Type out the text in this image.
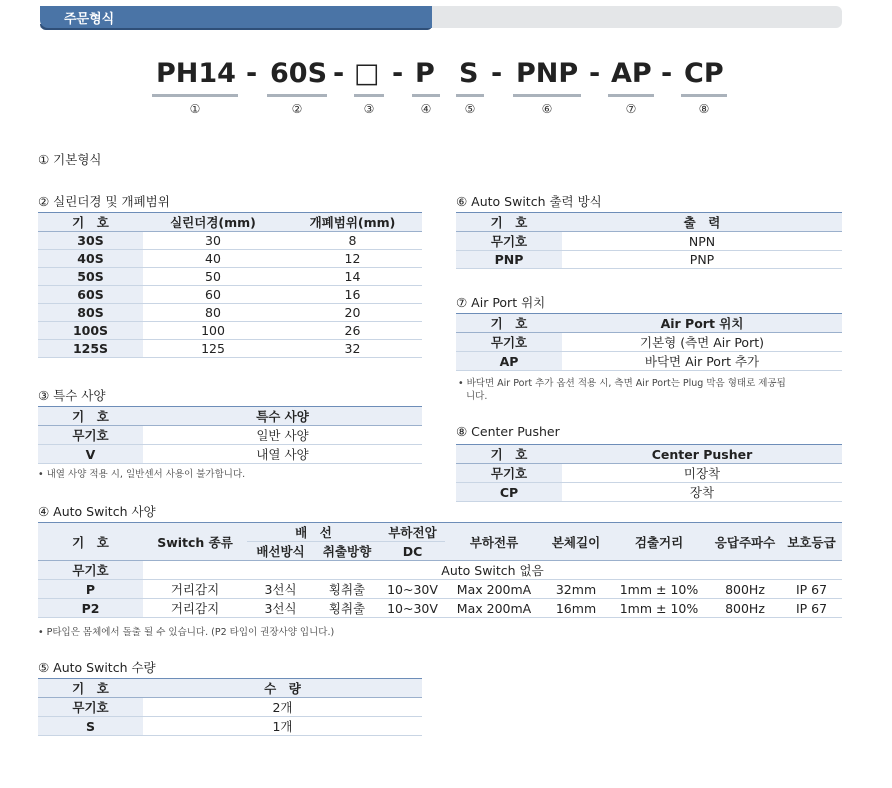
주문형식
PH14 - 60S - □ - P S - PNP - AP - CP
①	②	③	④	⑤	⑥	⑦	⑧
① 기본형식
② 실린더경 및 개폐범위
기　호	실린더경(mm)	개폐범위(mm)
30S	30	8
40S	40	12
50S	50	14
60S	60	16
80S	80	20
100S	100	26
125S	125	32
③ 특수 사양
기　호	특수 사양
무기호	일반 사양
V	내열 사양
• 내열 사양 적용 시, 일반센서 사용이 불가합니다.
④ Auto Switch 사양
기　호	Switch 종류	배　선		부하전압	부하전류	본체길이	검출거리	응답주파수	보호등급
		배선방식	취출방향	DC					
무기호	Auto Switch 없음								
P	거리감지	3선식	횡취출	10~30V	Max 200mA	32mm	1mm ± 10%	800Hz	IP 67
P2	거리감지	3선식	횡취출	10~30V	Max 200mA	16mm	1mm ± 10%	800Hz	IP 67
• P타입은 몸체에서 돌출 될 수 있습니다. (P2 타입이 권장사양 입니다.)
⑤ Auto Switch 수량
기　호	수　량
무기호	2개
S	1개
⑥ Auto Switch 출력 방식
기　호	출　력
무기호	NPN
PNP	PNP
⑦ Air Port 위치
기　호	Air Port 위치
무기호	기본형 (측면 Air Port)
AP	바닥면 Air Port 추가
• 바닥면 Air Port 추가 옵션 적용 시, 측면 Air Port는 Plug 막음 형태로 제공됩
니다.
⑧ Center Pusher
기　호	Center Pusher
무기호	미장착
CP	장착
